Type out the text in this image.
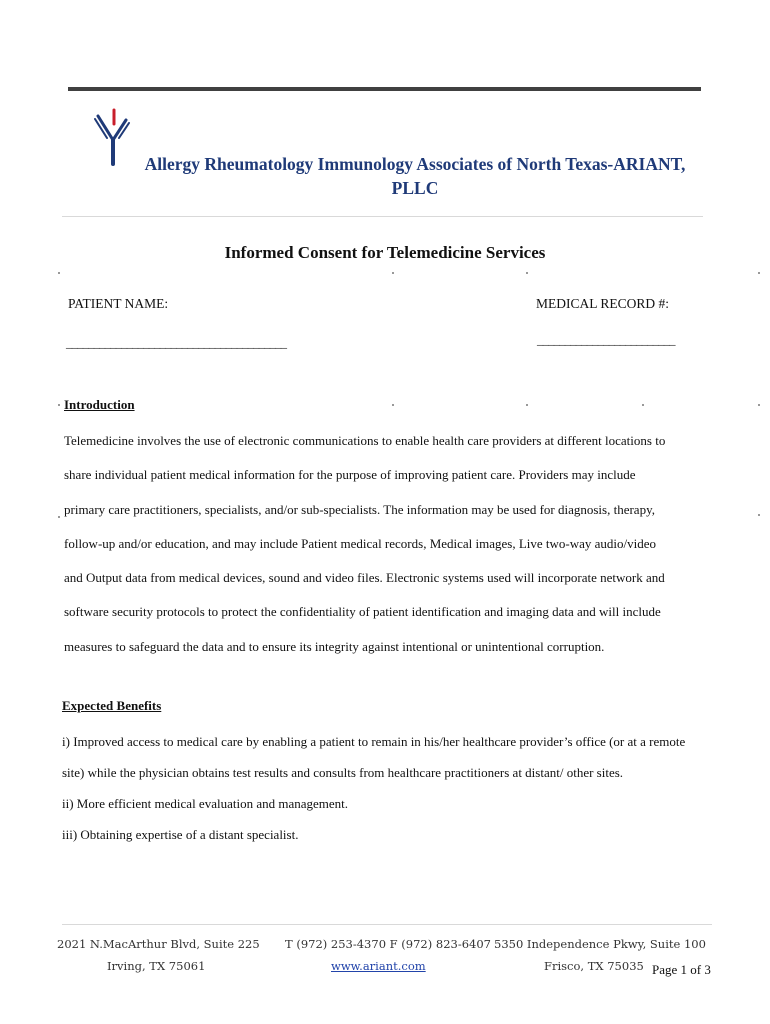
Allergy Rheumatology Immunology Associates of North Texas-ARIANT,
PLLC
Informed Consent for Telemedicine Services
PATIENT NAME:	MEDICAL RECORD #:
________________________________________	_________________________
Introduction
Telemedicine involves the use of electronic communications to enable health care providers at different locations to
share individual patient medical information for the purpose of improving patient care. Providers may include
primary care practitioners, specialists, and/or sub-specialists. The information may be used for diagnosis, therapy,
follow-up and/or education, and may include Patient medical records, Medical images, Live two-way audio/video
and Output data from medical devices, sound and video files. Electronic systems used will incorporate network and
software security protocols to protect the confidentiality of patient identification and imaging data and will include
measures to safeguard the data and to ensure its integrity against intentional or unintentional corruption.
Expected Benefits
i) Improved access to medical care by enabling a patient to remain in his/her healthcare provider’s office (or at a remote
site) while the physician obtains test results and consults from healthcare practitioners at distant/ other sites.
ii) More efficient medical evaluation and management.
iii) Obtaining expertise of a distant specialist.
2021 N.MacArthur Blvd, Suite 225
Irving, TX 75061
T (972) 253-4370 F (972) 823-6407
www.ariant.com
5350 Independence Pkwy, Suite 100
Frisco, TX 75035 Page 1 of 3
